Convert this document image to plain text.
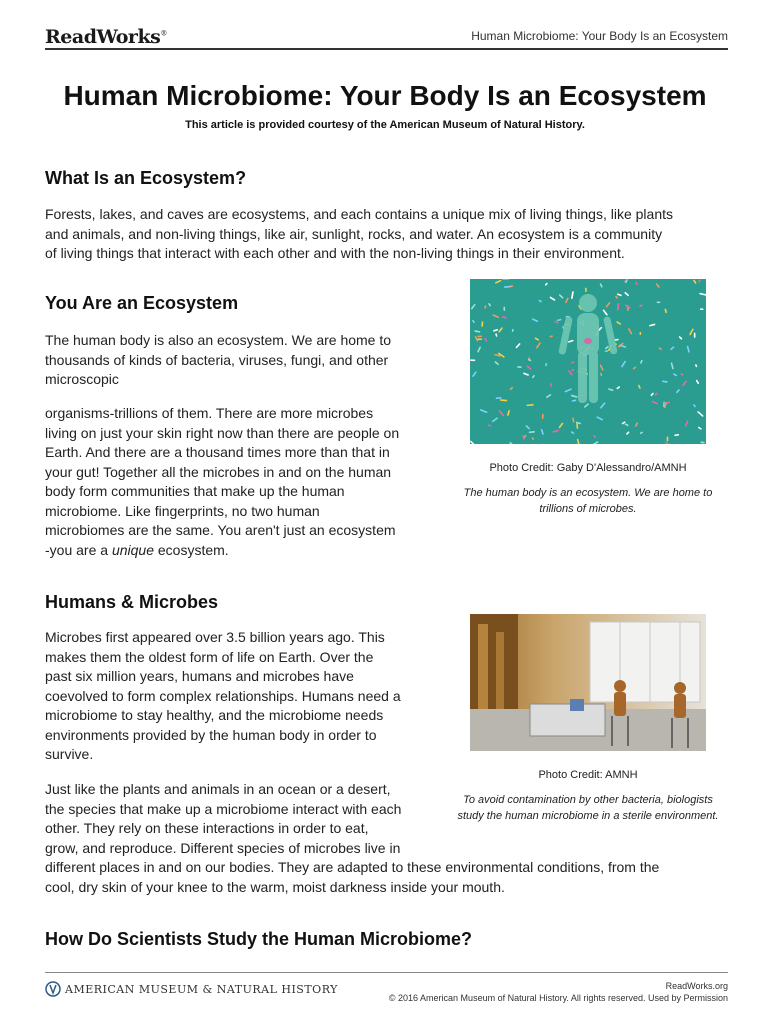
ReadWorks®	Human Microbiome: Your Body Is an Ecosystem
Human Microbiome: Your Body Is an Ecosystem
This article is provided courtesy of the American Museum of Natural History.
What Is an Ecosystem?

Forests, lakes, and caves are ecosystems, and each contains a unique mix of living things, like plants

and animals, and non-living things, like air, sunlight, rocks, and water. An ecosystem is a community

of living things that interact with each other and with the non-living things in their environment.

You Are an Ecosystem

The human body is also an ecosystem. We are home to

thousands of kinds of bacteria, viruses, fungi, and other

microscopic

organisms-trillions of them. There are more microbes

living on just your skin right now than there are people on

Earth. And there are a thousand times more than that in

your gut! Together all the microbes in and on the human

body form communities that make up the human

microbiome. Like fingerprints, no two human

microbiomes are the same. You aren't just an ecosystem

-you are a unique ecosystem.

Photo Credit: Gaby D'Alessandro/AMNH
The human body is an ecosystem. We are home to
trillions of microbes.
Humans & Microbes

Microbes first appeared over 3.5 billion years ago. This

makes them the oldest form of life on Earth. Over the

past six million years, humans and microbes have

coevolved to form complex relationships. Humans need a

microbiome to stay healthy, and the microbiome needs

environments provided by the human body in order to

survive.

Just like the plants and animals in an ocean or a desert,

the species that make up a microbiome interact with each

other. They rely on these interactions in order to eat,

grow, and reproduce. Different species of microbes live in

different places in and on our bodies. They are adapted to these environmental conditions, from the

cool, dry skin of your knee to the warm, moist darkness inside your mouth.

Photo Credit: AMNH
To avoid contamination by other bacteria, biologists
study the human microbiome in a sterile environment.
How Do Scientists Study the Human Microbiome?
AMERICAN MUSEUM & NATURAL HISTORY	ReadWorks.org
© 2016 American Museum of Natural History. All rights reserved. Used by Permission
